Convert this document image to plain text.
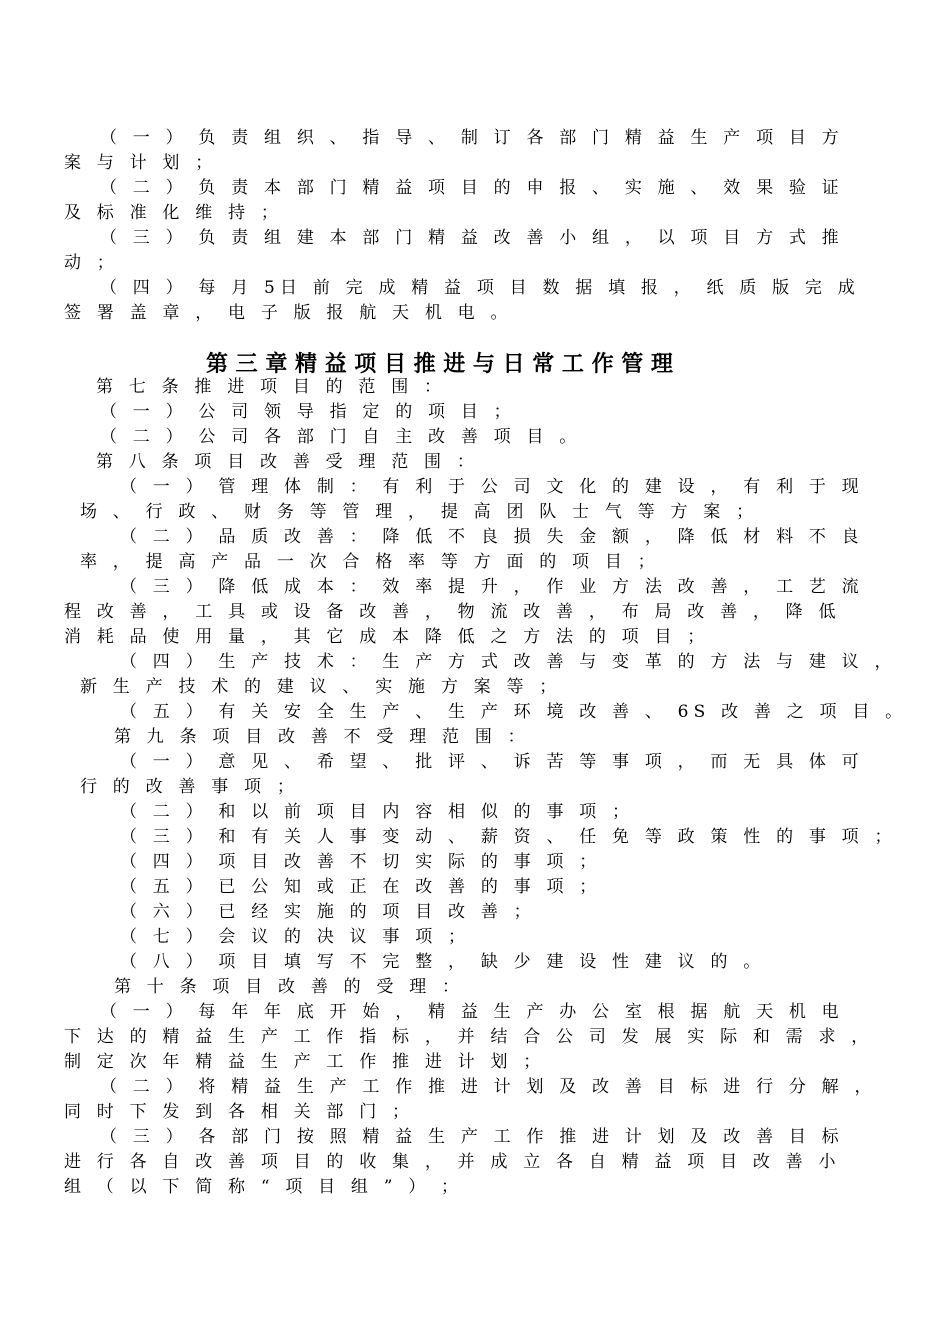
（ 一 ） 负 责 组 织 、 指 导 、 制 订 各 部 门 精 益 生 产 项 目 方
案 与 计 划 ；
（ 二 ） 负 责 本 部 门 精 益 项 目 的 申 报 、 实 施 、 效 果 验 证
及 标 准 化 维 持 ；
（ 三 ） 负 责 组 建 本 部 门 精 益 改 善 小 组 ， 以 项 目 方 式 推
动 ；
（ 四 ） 每 月 5日 前 完 成 精 益 项 目 数 据 填 报 ， 纸 质 版 完 成
签 署 盖 章 ， 电 子 版 报 航 天 机 电 。
第 三 章 精 益 项 目 推 进 与 日 常 工 作 管 理
第 七 条 推 进 项 目 的 范 围 ：
（ 一 ） 公 司 领 导 指 定 的 项 目 ；
（ 二 ） 公 司 各 部 门 自 主 改 善 项 目 。
第 八 条 项 目 改 善 受 理 范 围 ：
（ 一 ） 管 理 体 制 ： 有 利 于 公 司 文 化 的 建 设 ， 有 利 于 现
场 、 行 政 、 财 务 等 管 理 ， 提 高 团 队 士 气 等 方 案 ；
（ 二 ） 品 质 改 善 ： 降 低 不 良 损 失 金 额 ， 降 低 材 料 不 良
率 ， 提 高 产 品 一 次 合 格 率 等 方 面 的 项 目 ；
（ 三 ） 降 低 成 本 ： 效 率 提 升 ， 作 业 方 法 改 善 ， 工 艺 流
程 改 善 ， 工 具 或 设 备 改 善 ， 物 流 改 善 ， 布 局 改 善 ， 降 低
消 耗 品 使 用 量 ， 其 它 成 本 降 低 之 方 法 的 项 目 ；
（ 四 ） 生 产 技 术 ： 生 产 方 式 改 善 与 变 革 的 方 法 与 建 议 ，
新 生 产 技 术 的 建 议 、 实 施 方 案 等 ；
（ 五 ） 有 关 安 全 生 产 、 生 产 环 境 改 善 、 6S 改 善 之 项 目 。
第 九 条 项 目 改 善 不 受 理 范 围 ：
（ 一 ） 意 见 、 希 望 、 批 评 、 诉 苦 等 事 项 ， 而 无 具 体 可
行 的 改 善 事 项 ；
（ 二 ） 和 以 前 项 目 内 容 相 似 的 事 项 ；
（ 三 ） 和 有 关 人 事 变 动 、 薪 资 、 任 免 等 政 策 性 的 事 项 ；
（ 四 ） 项 目 改 善 不 切 实 际 的 事 项 ；
（ 五 ） 已 公 知 或 正 在 改 善 的 事 项 ；
（ 六 ） 已 经 实 施 的 项 目 改 善 ；
（ 七 ） 会 议 的 决 议 事 项 ；
（ 八 ） 项 目 填 写 不 完 整 ， 缺 少 建 设 性 建 议 的 。
第 十 条 项 目 改 善 的 受 理 ：
（ 一 ） 每 年 年 底 开 始 ， 精 益 生 产 办 公 室 根 据 航 天 机 电
下 达 的 精 益 生 产 工 作 指 标 ， 并 结 合 公 司 发 展 实 际 和 需 求 ，
制 定 次 年 精 益 生 产 工 作 推 进 计 划 ；
（ 二 ） 将 精 益 生 产 工 作 推 进 计 划 及 改 善 目 标 进 行 分 解 ，
同 时 下 发 到 各 相 关 部 门 ；
（ 三 ） 各 部 门 按 照 精 益 生 产 工 作 推 进 计 划 及 改 善 目 标
进 行 各 自 改 善 项 目 的 收 集 ， 并 成 立 各 自 精 益 项 目 改 善 小
组 （ 以 下 简 称 “ 项 目 组 ” ） ；
